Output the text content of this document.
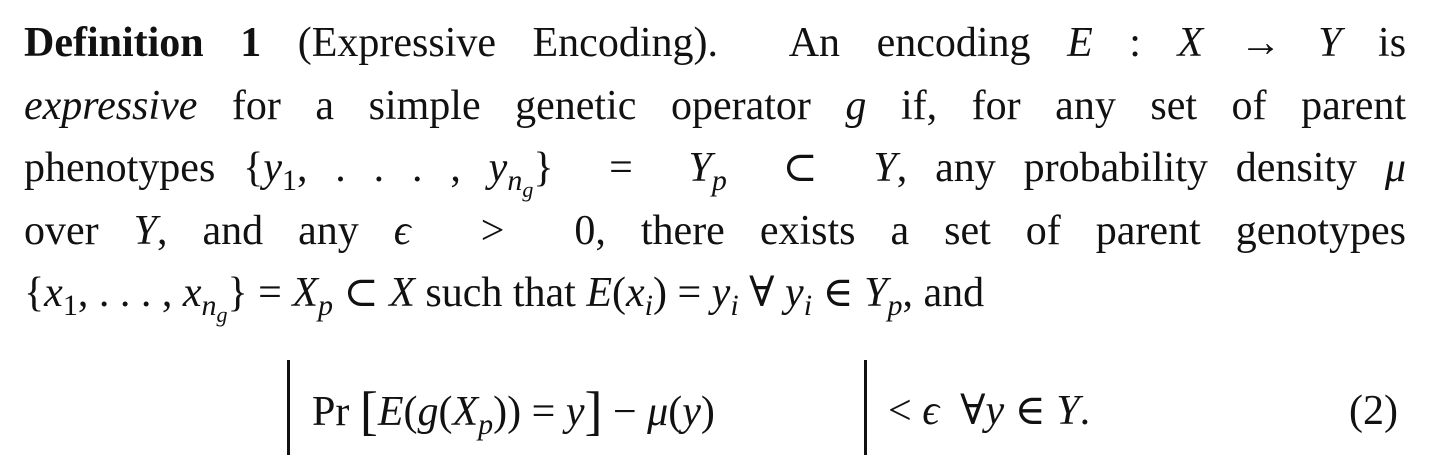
Definition 1 (Expressive Encoding). An encoding E : X → Y is
expressive for a simple genetic operator g if, for any set of parent
phenotypes {$y_1$, . . . , $y_{n_g}\} = Y_p$  ⊂  Y, any probability density μ
over Y, and any ϵ  >  0, there exists a set of parent genotypes
{$x_1$, . . . , $x_{n_g}\} = X_p$ ⊂ X such that $E(x_i) = y_i$ ∀ $y_i$ ∈ $Y_p$, and
Pr $[E(g(X_p)) = y] - \mu(y)$	< ϵ  ∀y ∈ Y.	(2)
